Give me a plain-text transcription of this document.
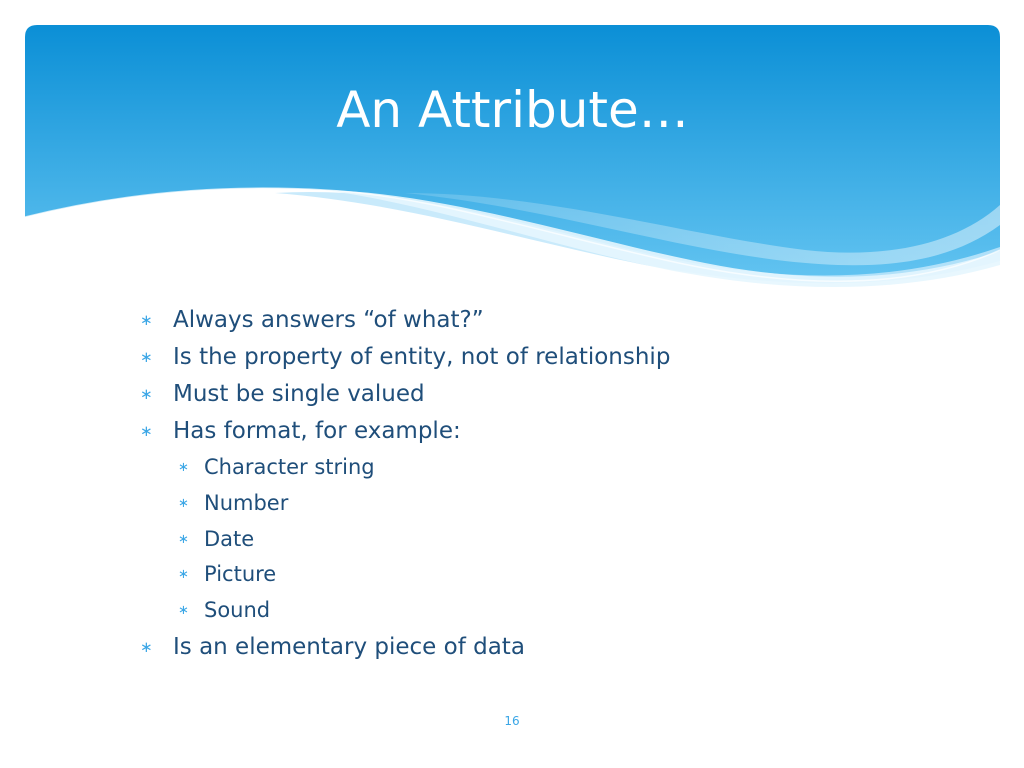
An Attribute…
∗ Always answers “of what?”
∗ Is the property of entity, not of relationship
∗ Must be single valued
∗ Has format, for example:
∗ Character string
∗ Number
∗ Date
∗ Picture
∗ Sound
∗ Is an elementary piece of data
16
